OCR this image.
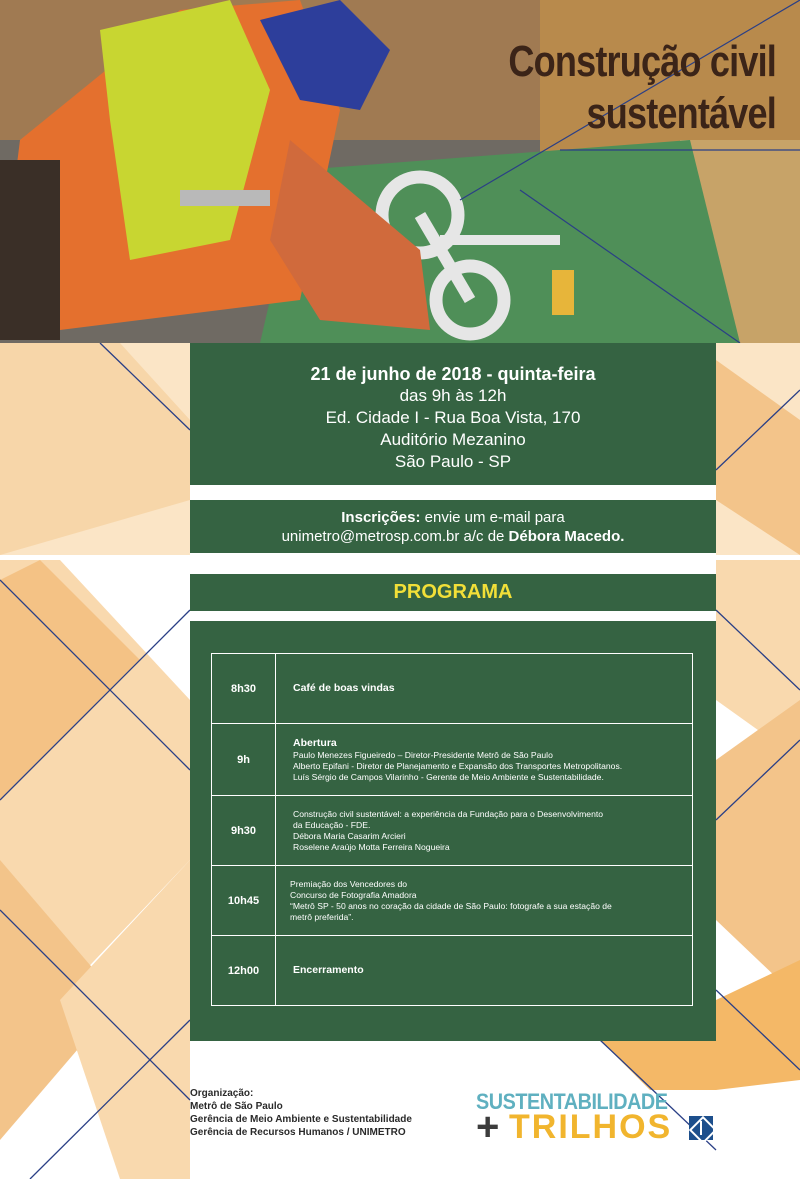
Construção civil
sustentável
21 de junho de 2018 - quinta-feira
das 9h às 12h
Ed. Cidade I - Rua Boa Vista, 170
Auditório Mezanino
São Paulo - SP
Inscrições: envie um e-mail para
unimetro@metrosp.com.br a/c de Débora Macedo.
PROGRAMA
8h30	Café de boas vindas

9h	Abertura
Paulo Menezes Figueiredo – Diretor-Presidente Metrô de São Paulo
Alberto Epifani - Diretor de Planejamento e Expansão dos Transportes Metropolitanos.
Luís Sérgio de Campos Vilarinho - Gerente de Meio Ambiente e Sustentabilidade.

9h30	Construção civil sustentável: a experiência da Fundação para o Desenvolvimento
da Educação - FDE.
Débora Maria Casarim Arcieri
Roselene Araújo Motta Ferreira Nogueira

10h45	Premiação dos Vencedores do
Concurso de Fotografia Amadora
“Metrô SP - 50 anos no coração da cidade de São Paulo: fotografe a sua estação de
metrô preferida”.

12h00	Encerramento
Organização:
Metrô de São Paulo
Gerência de Meio Ambiente e Sustentabilidade
Gerência de Recursos Humanos / UNIMETRO
SUSTENTABILIDADE
+ TRILHOS
